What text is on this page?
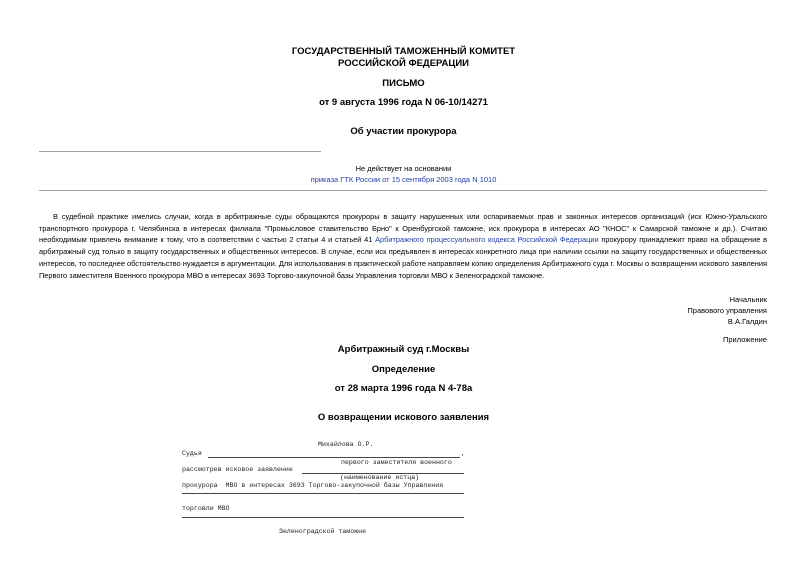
ГОСУДАРСТВЕННЫЙ ТАМОЖЕННЫЙ КОМИТЕТ

РОССИЙСКОЙ ФЕДЕРАЦИИ

ПИСЬМО

от 9 августа 1996 года N 06-10/14271

Об участии прокурора

Не действует на основании
приказа ГТК России от 15 сентября 2003 года N 1010

В судебной практике имелись случаи, когда в арбитражные суды обращаются прокуроры в защиту нарушенных или оспариваемых прав и законных интересов организаций (иск Южно-Уральского транспортного прокурора г. Челябинска в интересах филиала "Промысловое ставительство Брно" к Оренбургской таможне, иск прокурора в интересах АО "КНОС" к Самарской таможне и др.). Считаю необходимым привлечь внимание к тому, что в соответствии с частью 2 статьи 4 и статьей 41 Арбитражного процессуального кодекса Российской Федерации прокурору принадлежит право на обращение в арбитражный суд только в защиту государственных и общественных интересов. В случае, если иск предъявлен в интересах конкретного лица при наличии ссылки на защиту государственных и общественных интересов, то последнее обстоятельство нуждается в аргументации. Для использования в практической работе направляем копию определения Арбитражного суда г. Москвы о возвращении искового заявления Первого заместителя Военного прокурора МВО в интересах 3693 Торгово-закупочной базы Управления торговли МВО к Зеленоградской таможне.

Начальник
Правового управления
В.А.Галдин
Приложение

Арбитражный суд г.Москвы

Определение

от 28 марта 1996 года N 4-78а

О возвращении искового заявления

Михайлова О.Р.
Судья	,
первого заместителя военного
рассмотрев исковое заявление
(наименование истца)
прокурора  МВО в интересах 3693 Торгово-закупочной базы Управления
торговли МВО
Зеленоградской таможне
